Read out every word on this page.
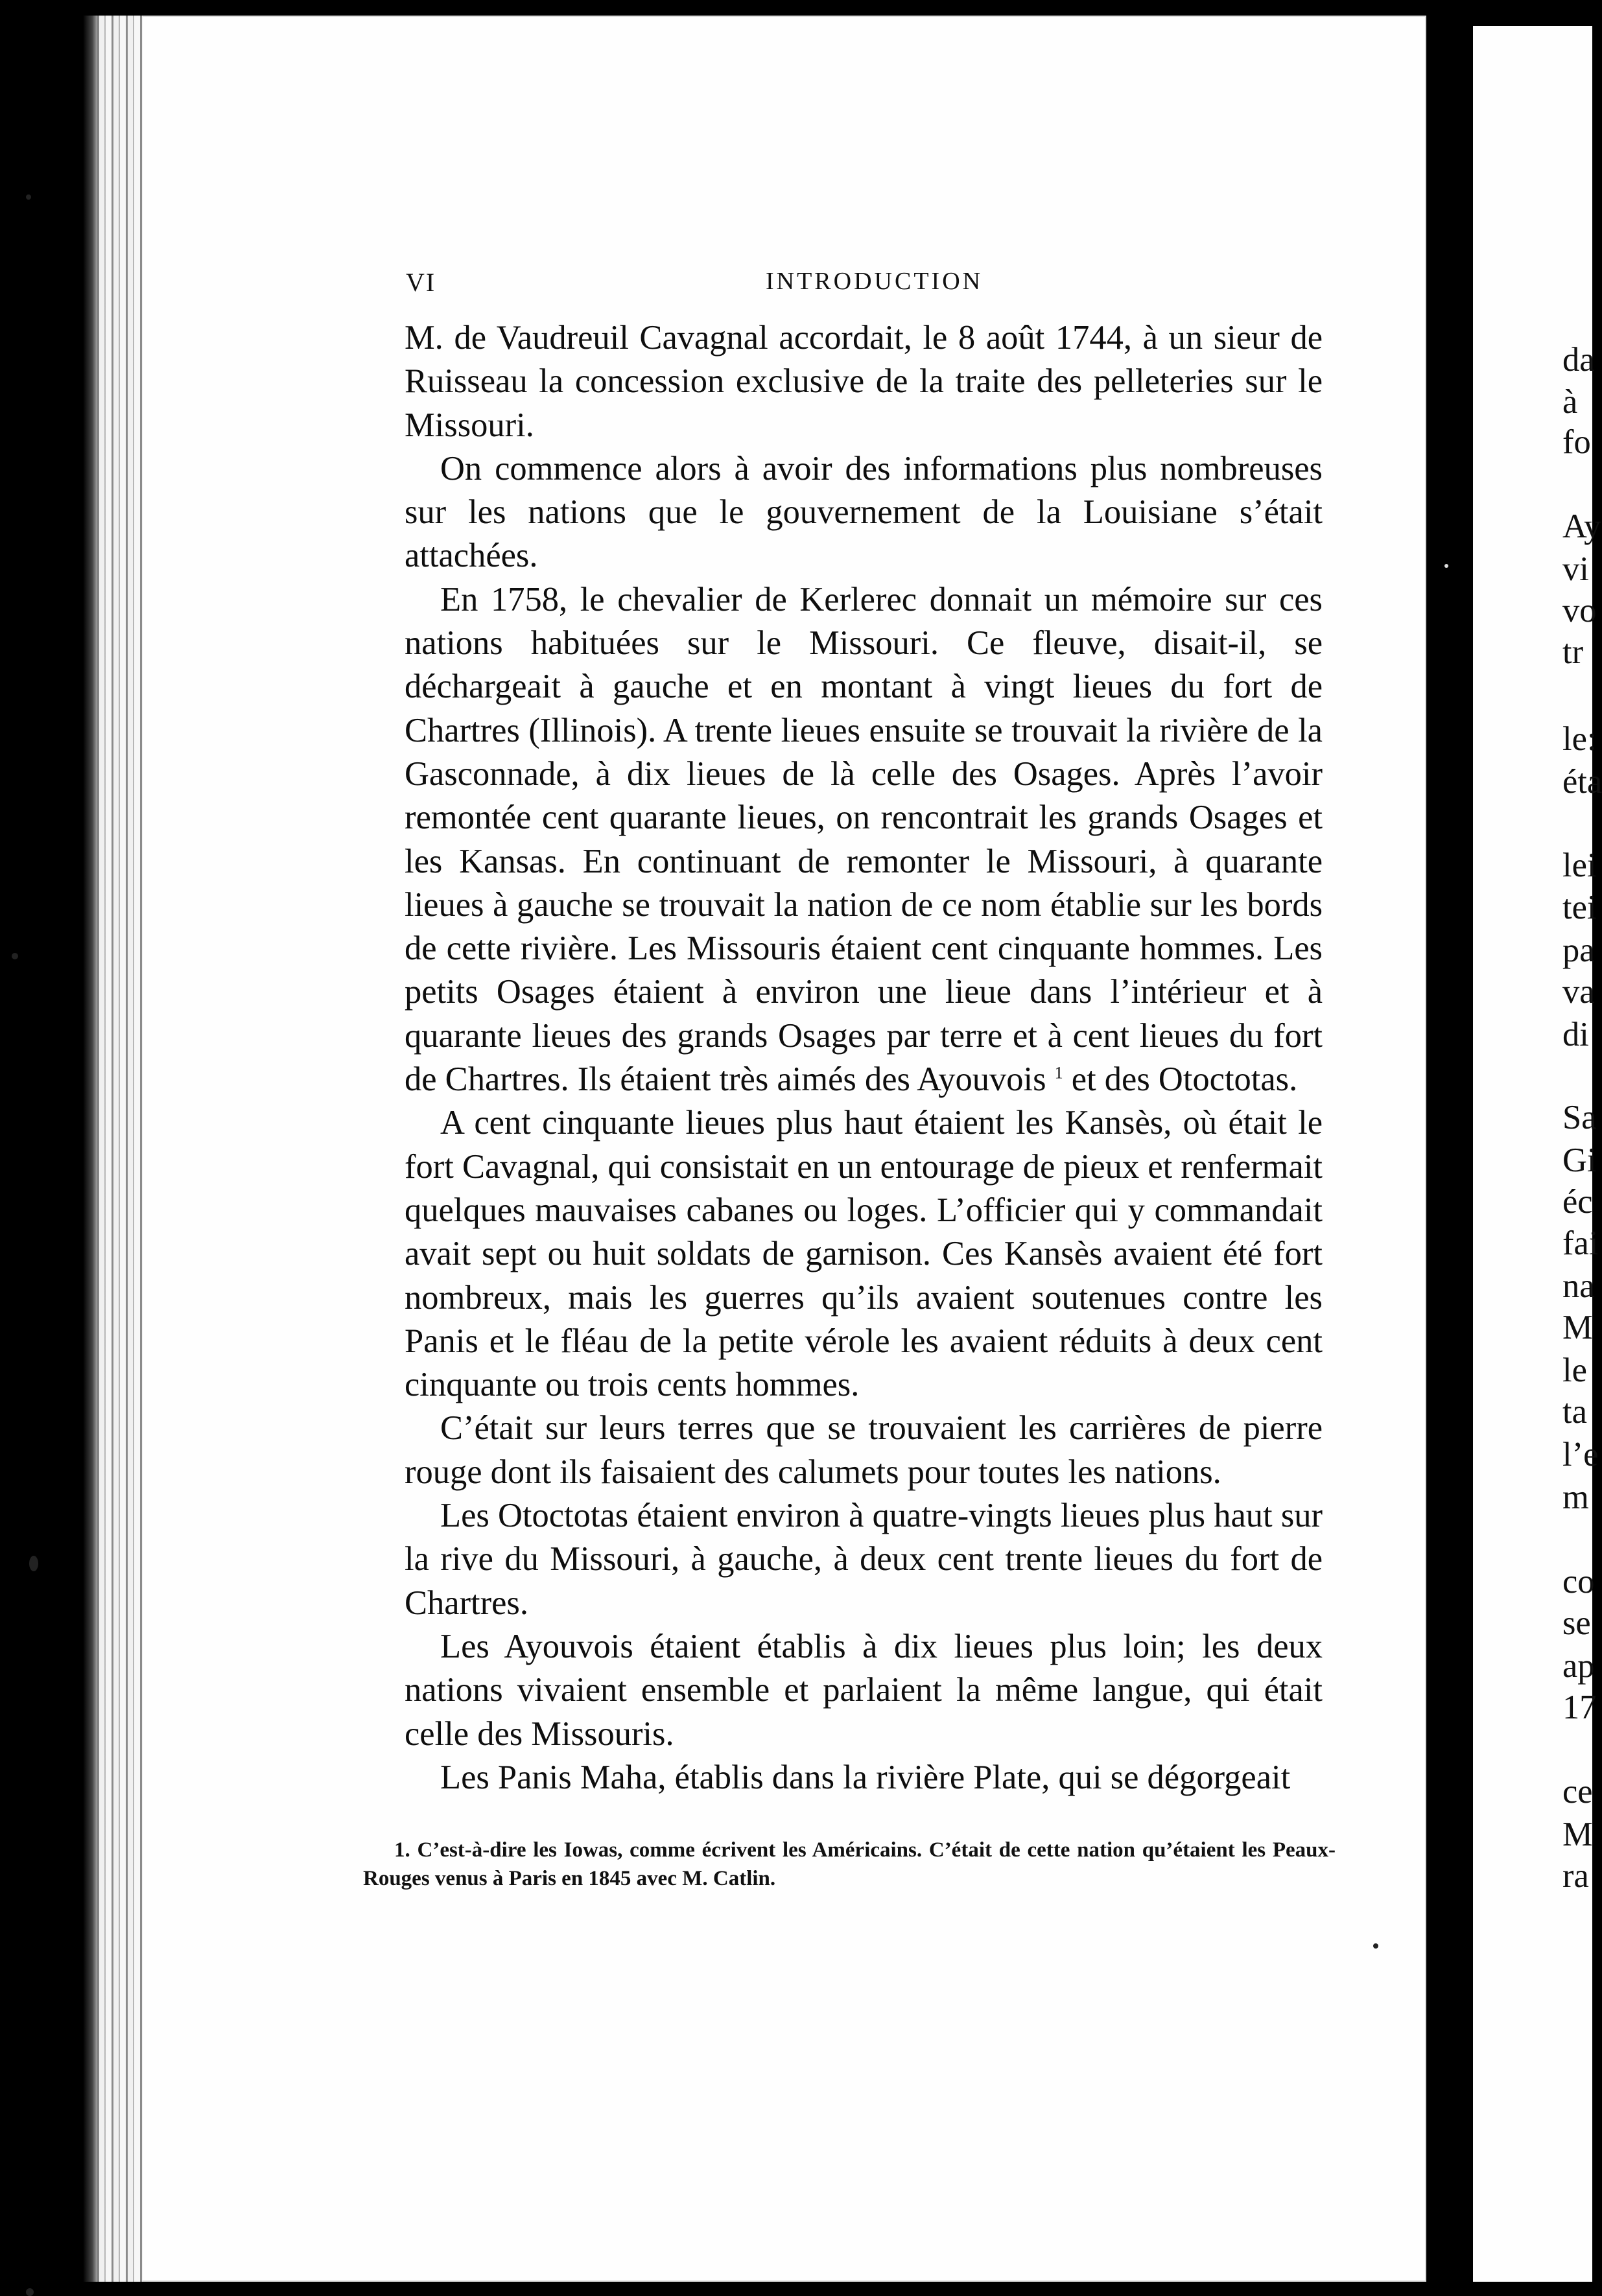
VI	INTRODUCTION

M. de Vaudreuil Cavagnal accordait, le 8 août 1744, à un sieur de Ruisseau la concession exclusive de la traite des pelleteries sur le Missouri.

On commence alors à avoir des informations plus nombreuses sur les nations que le gouvernement de la Louisiane s’était attachées.

En 1758, le chevalier de Kerlerec donnait un mémoire sur ces nations habituées sur le Missouri. Ce fleuve, disait-il, se déchargeait à gauche et en montant à vingt lieues du fort de Chartres (Illinois). A trente lieues ensuite se trouvait la rivière de la Gasconnade, à dix lieues de là celle des Osages. Après l’avoir remontée cent quarante lieues, on rencontrait les grands Osages et les Kansas. En continuant de remonter le Missouri, à quarante lieues à gauche se trouvait la nation de ce nom établie sur les bords de cette rivière. Les Missouris étaient cent cinquante hommes. Les petits Osages étaient à environ une lieue dans l’intérieur et à quarante lieues des grands Osages par terre et à cent lieues du fort de Chartres. Ils étaient très aimés des Ayouvois $^1$ et des Otoctotas.

A cent cinquante lieues plus haut étaient les Kansès, où était le fort Cavagnal, qui consistait en un entourage de pieux et renfermait quelques mauvaises cabanes ou loges. L’officier qui y commandait avait sept ou huit soldats de garnison. Ces Kansès avaient été fort nombreux, mais les guerres qu’ils avaient soutenues contre les Panis et le fléau de la petite vérole les avaient réduits à deux cent cinquante ou trois cents hommes.

C’était sur leurs terres que se trouvaient les carrières de pierre rouge dont ils faisaient des calumets pour toutes les nations.

Les Otoctotas étaient environ à quatre-vingts lieues plus haut sur la rive du Missouri, à gauche, à deux cent trente lieues du fort de Chartres.

Les Ayouvois étaient établis à dix lieues plus loin; les deux nations vivaient ensemble et parlaient la même langue, qui était celle des Missouris.

Les Panis Maha, établis dans la rivière Plate, qui se dégorgeait

1. C’est-à-dire les Iowas, comme écrivent les Américains. C’était de cette nation qu’étaient les Peaux-Rouges venus à Paris en 1845 avec M. Catlin.
da
à
fo
Ay
vi
vo
tr
le:
éta
lei
tei
pa
va
di
Sa
Gi
éc
fai
na
M
le
ta
l’e
m
co
se
ap
17
ce
M
ra
